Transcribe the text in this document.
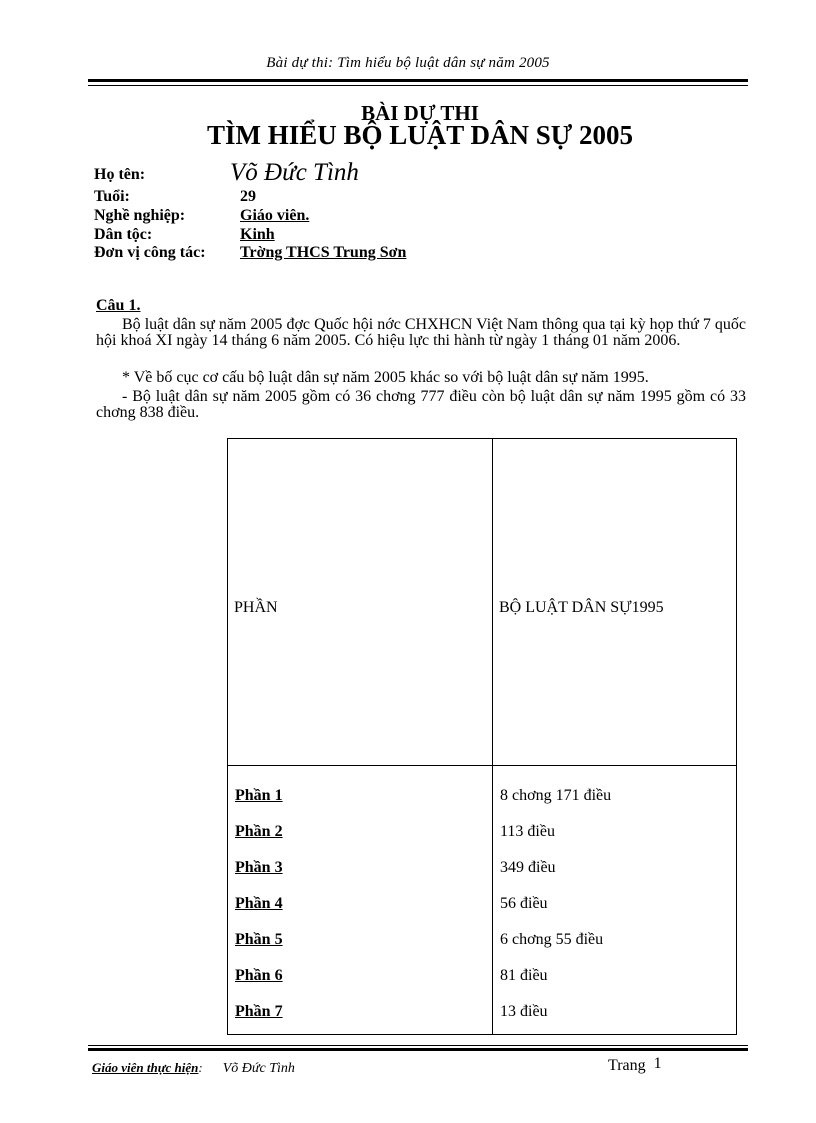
Bài dự thi: Tìm hiểu bộ luật dân sự năm 2005
BÀI DỰ THI
TÌM HIỂU BỘ LUẬT DÂN SỰ 2005
Họ tên:	Võ Đức Tình
Tuổi:	29
Nghề nghiệp:	Giáo viên.
Dân tộc:	Kinh
Đơn vị công tác: Trờng THCS Trung Sơn
Câu 1.
Bộ luật dân sự năm 2005 đợc Quốc hội nớc CHXHCN Việt Nam thông qua tại kỳ họp thứ 7 quốc hội khoá XI ngày 14 tháng 6 năm 2005. Có hiệu lực thi hành từ ngày 1 tháng 01 năm 2006.
* Về bố cục cơ cấu bộ luật dân sự năm 2005 khác so với bộ luật dân sự năm 1995.
- Bộ luật dân sự năm 2005 gồm có 36 chơng 777 điều còn bộ luật dân sự năm 1995 gồm có 33 chơng 838 điều.
PHẦN	BỘ LUẬT DÂN SỰ1995
Phần 1	8 chơng 171 điều
Phần 2	113 điều
Phần 3	349 điều
Phần 4	56 điều
Phần 5	6 chơng 55 điều
Phần 6	81 điều
Phần 7	13 điều
Giáo viên thực hiện: Võ Đức Tình	Trang 1
